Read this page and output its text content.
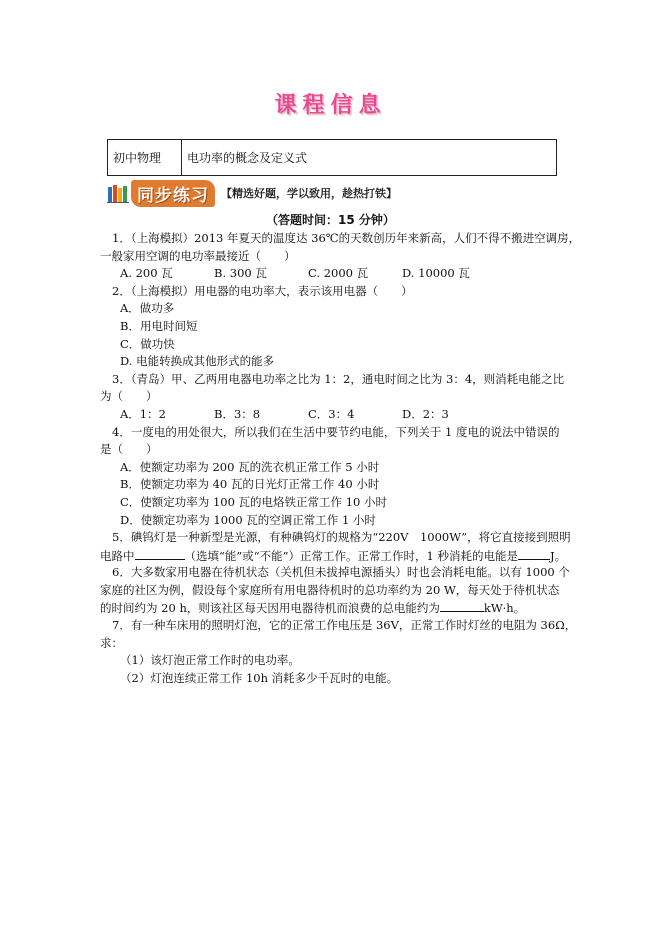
课程信息
初中物理	电功率的概念及定义式
同步练习	【精选好题，学以致用，趁热打铁】
（答题时间：15 分钟）
1．（上海模拟）2013 年夏天的温度达 36℃的天数创历年来新高，人们不得不搬进空调房，
一般家用空调的电功率最接近（　　）
A. 200 瓦	B. 300 瓦	C. 2000 瓦	D. 10000 瓦
2．（上海模拟）用电器的电功率大，表示该用电器（　　）
A．做功多
B．用电时间短
C．做功快
D. 电能转换成其他形式的能多
3．（青岛）甲、乙两用电器电功率之比为 1：2，通电时间之比为 3：4，则消耗电能之比
为（　　）
A．1：2	B．3：8	C．3：4	D．2：3
4．一度电的用处很大，所以我们在生活中要节约电能，下列关于 1 度电的说法中错误的
是（　　）
A．使额定功率为 200 瓦的洗衣机正常工作 5 小时
B．使额定功率为 40 瓦的日光灯正常工作 40 小时
C．使额定功率为 100 瓦的电烙铁正常工作 10 小时
D．使额定功率为 1000 瓦的空调正常工作 1 小时
5．碘钨灯是一种新型是光源，有种碘钨灯的规格为“220V　1000W”，将它直接接到照明
电路中	（选填“能”或“不能”）正常工作。正常工作时，1 秒消耗的电能是	J。
6．大多数家用电器在待机状态（关机但未拔掉电源插头）时也会消耗电能。以有 1000 个
家庭的社区为例，假设每个家庭所有用电器待机时的总功率约为 20 W，每天处于待机状态
的时间约为 20 h，则该社区每天因用电器待机而浪费的总电能约为	kW·h。
7．有一种车床用的照明灯泡，它的正常工作电压是 36V，正常工作时灯丝的电阻为 36Ω，
求：
（1）该灯泡正常工作时的电功率。
（2）灯泡连续正常工作 10h 消耗多少千瓦时的电能。
